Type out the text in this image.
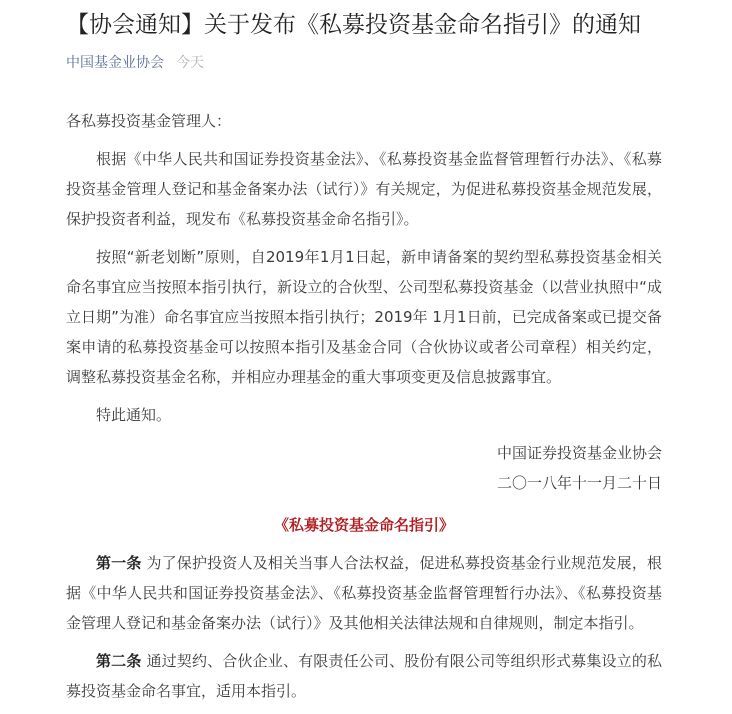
【协会通知】关于发布《私募投资基金命名指引》的通知
中国基金业协会 今天

各私募投资基金管理人：

根据《中华人民共和国证券投资基金法》、《私募投资基金监督管理暂行办法》、《私募投资基金管理人登记和基金备案办法（试行）》有关规定，为促进私募投资基金规范发展，保护投资者利益，现发布《私募投资基金命名指引》。

按照“新老划断”原则，自2019年1月1日起，新申请备案的契约型私募投资基金相关命名事宜应当按照本指引执行，新设立的合伙型、公司型私募投资基金（以营业执照中“成立日期”为准）命名事宜应当按照本指引执行；2019年 1月1日前，已完成备案或已提交备案申请的私募投资基金可以按照本指引及基金合同（合伙协议或者公司章程）相关约定，调整私募投资基金名称，并相应办理基金的重大事项变更及信息披露事宜。

特此通知。

中国证券投资基金业协会

二〇一八年十一月二十日

《私募投资基金命名指引》

第一条 为了保护投资人及相关当事人合法权益，促进私募投资基金行业规范发展，根据《中华人民共和国证券投资基金法》、《私募投资基金监督管理暂行办法》、《私募投资基金管理人登记和基金备案办法（试行）》及其他相关法律法规和自律规则，制定本指引。

第二条 通过契约、合伙企业、有限责任公司、股份有限公司等组织形式募集设立的私募投资基金命名事宜，适用本指引。
